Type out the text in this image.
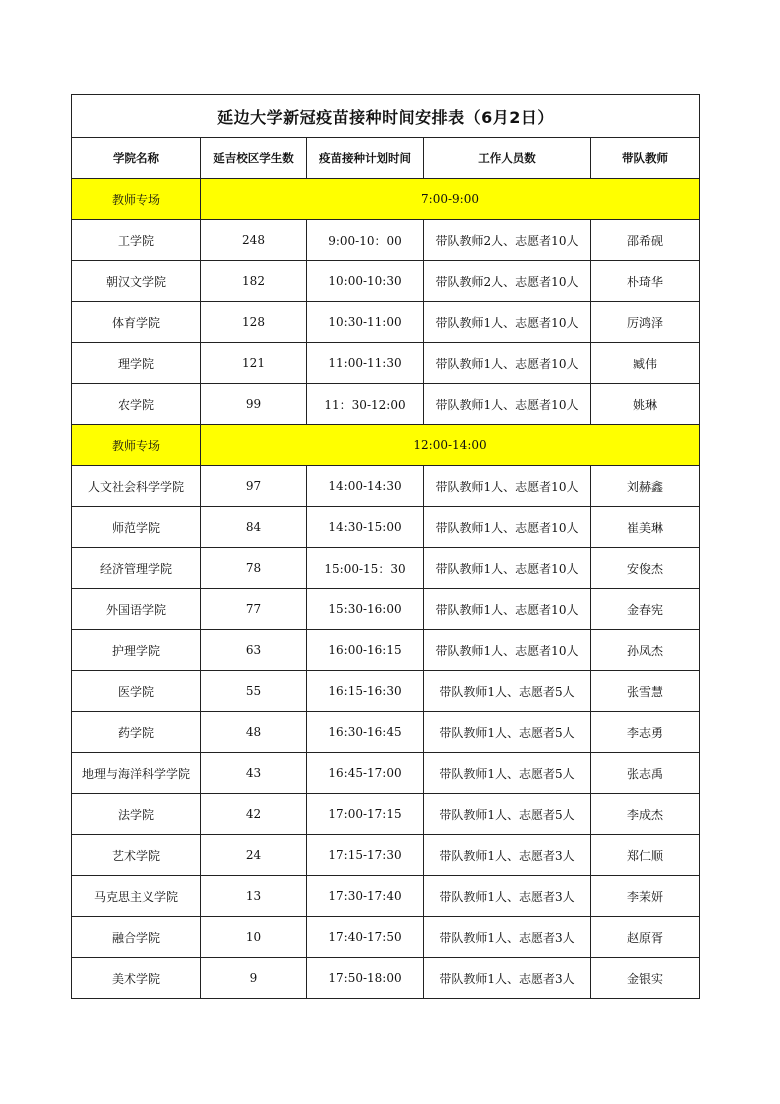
延边大学新冠疫苗接种时间安排表（6月2日）				
学院名称	延吉校区学生数	疫苗接种计划时间	工作人员数	带队教师
教师专场	7:00-9:00			
工学院	248	9:00-10：00	带队教师2人、志愿者10人	邵希砚
朝汉文学院	182	10:00-10:30	带队教师2人、志愿者10人	朴琦华
体育学院	128	10:30-11:00	带队教师1人、志愿者10人	厉鸿泽
理学院	121	11:00-11:30	带队教师1人、志愿者10人	臧伟
农学院	99	11：30-12:00	带队教师1人、志愿者10人	姚琳
教师专场	12:00-14:00			
人文社会科学学院	97	14:00-14:30	带队教师1人、志愿者10人	刘赫鑫
师范学院	84	14:30-15:00	带队教师1人、志愿者10人	崔美琳
经济管理学院	78	15:00-15：30	带队教师1人、志愿者10人	安俊杰
外国语学院	77	15:30-16:00	带队教师1人、志愿者10人	金春宪
护理学院	63	16:00-16:15	带队教师1人、志愿者10人	孙凤杰
医学院	55	16:15-16:30	带队教师1人、志愿者5人	张雪慧
药学院	48	16:30-16:45	带队教师1人、志愿者5人	李志勇
地理与海洋科学学院	43	16:45-17:00	带队教师1人、志愿者5人	张志禹
法学院	42	17:00-17:15	带队教师1人、志愿者5人	李成杰
艺术学院	24	17:15-17:30	带队教师1人、志愿者3人	郑仁顺
马克思主义学院	13	17:30-17:40	带队教师1人、志愿者3人	李茉妍
融合学院	10	17:40-17:50	带队教师1人、志愿者3人	赵原胥
美术学院	9	17:50-18:00	带队教师1人、志愿者3人	金银实
